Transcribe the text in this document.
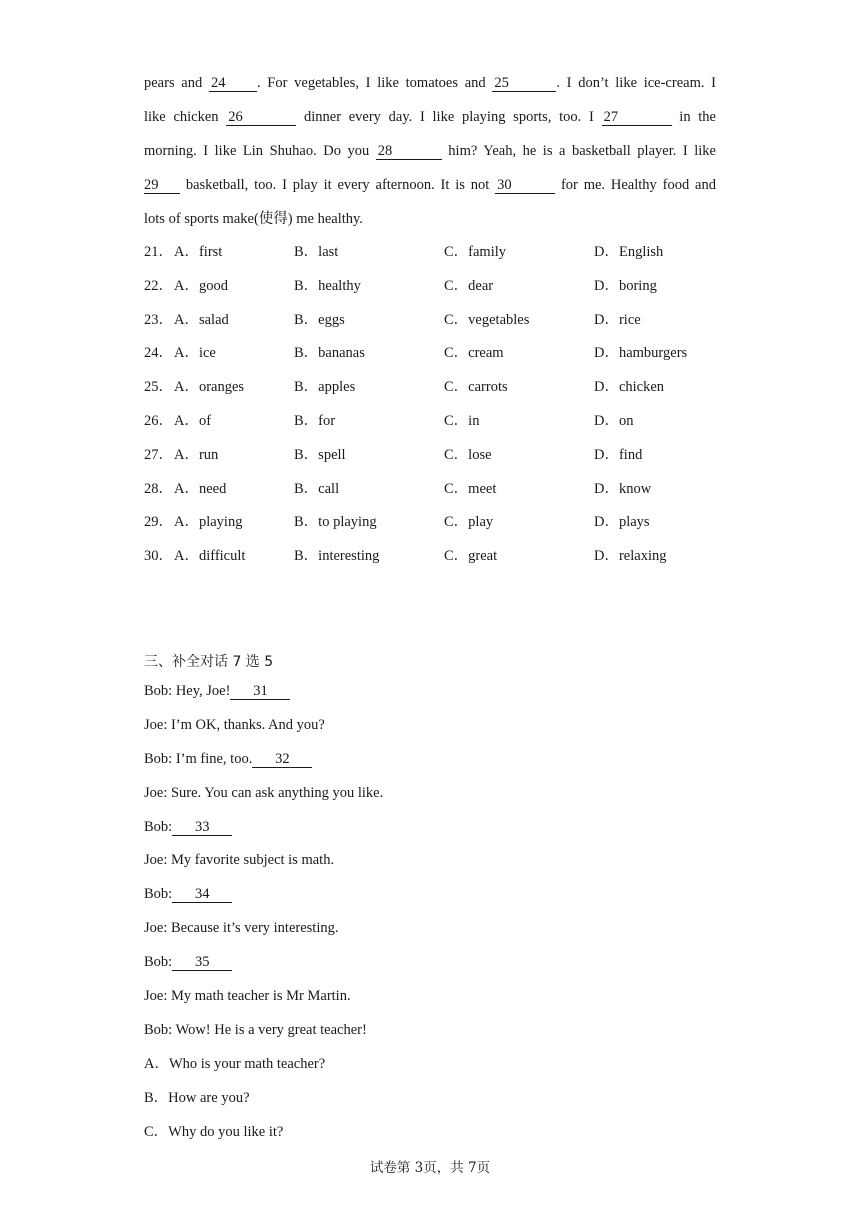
pears and 24 . For vegetables, I like tomatoes and 25	. I don’t like ice-cream. I
like chicken 26	dinner every day. I like playing sports, too. I 27	in the
morning. I like Lin Shuhao. Do you 28	him? Yeah, he is a basketball player. I like
29 basketball, too. I play it every afternoon. It is not 30	for me. Healthy food and
lots of sports make(使得) me healthy.
21． A．first	B．last	C．family	D．English
22． A．good	B．healthy	C．dear	D．boring
23． A．salad	B．eggs	C．vegetables	D．rice
24． A．ice	B．bananas	C．cream	D．hamburgers
25． A．oranges	B．apples	C．carrots	D．chicken
26． A．of	B．for	C．in	D．on
27． A．run	B．spell	C．lose	D．find
28． A．need	B．call	C．meet	D．know
29． A．playing	B．to playing	C．play	D．plays
30． A．difficult	B．interesting	C．great	D．relaxing
三、补全对话 7 选 5
Bob: Hey, Joe! 31
Joe: I’m OK, thanks. And you?
Bob: I’m fine, too. 32
Joe: Sure. You can ask anything you like.
Bob: 33
Joe: My favorite subject is math.
Bob: 34
Joe: Because it’s very interesting.
Bob: 35
Joe: My math teacher is Mr Martin.
Bob: Wow! He is a very great teacher!
A．Who is your math teacher?
B．How are you?
C．Why do you like it?
试卷第 3页，共 7页
